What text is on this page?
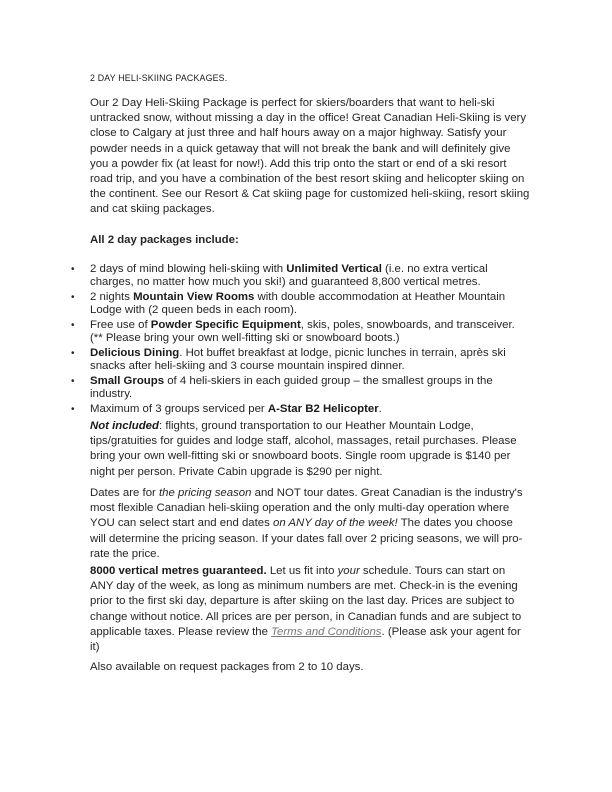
2 DAY HELI-SKIING PACKAGES.
Our 2 Day Heli-Skiing Package is perfect for skiers/boarders that want to heli-ski untracked snow, without missing a day in the office! Great Canadian Heli-Skiing is very close to Calgary at just three and half hours away on a major highway. Satisfy your powder needs in a quick getaway that will not break the bank and will definitely give you a powder fix (at least for now!). Add this trip onto the start or end of a ski resort road trip, and you have a combination of the best resort skiing and helicopter skiing on the continent. See our Resort & Cat skiing page for customized heli-skiing, resort skiing and cat skiing packages.
All 2 day packages include:
• 2 days of mind blowing heli-skiing with Unlimited Vertical (i.e. no extra vertical charges, no matter how much you ski!) and guaranteed 8,800 vertical metres.
• 2 nights Mountain View Rooms with double accommodation at Heather Mountain Lodge with (2 queen beds in each room).
• Free use of Powder Specific Equipment, skis, poles, snowboards, and transceiver. (** Please bring your own well-fitting ski or snowboard boots.)
• Delicious Dining. Hot buffet breakfast at lodge, picnic lunches in terrain, après ski snacks after heli-skiing and 3 course mountain inspired dinner.
• Small Groups of 4 heli-skiers in each guided group – the smallest groups in the industry.
• Maximum of 3 groups serviced per A-Star B2 Helicopter.
Not included: flights, ground transportation to our Heather Mountain Lodge, tips/gratuities for guides and lodge staff, alcohol, massages, retail purchases. Please bring your own well-fitting ski or snowboard boots. Single room upgrade is $140 per night per person. Private Cabin upgrade is $290 per night.
Dates are for the pricing season and NOT tour dates. Great Canadian is the industry's most flexible Canadian heli-skiing operation and the only multi-day operation where YOU can select start and end dates on ANY day of the week! The dates you choose will determine the pricing season. If your dates fall over 2 pricing seasons, we will pro-rate the price.
8000 vertical metres guaranteed. Let us fit into your schedule. Tours can start on ANY day of the week, as long as minimum numbers are met. Check-in is the evening prior to the first ski day, departure is after skiing on the last day. Prices are subject to change without notice. All prices are per person, in Canadian funds and are subject to applicable taxes. Please review the Terms and Conditions. (Please ask your agent for it)
Also available on request packages from 2 to 10 days.
